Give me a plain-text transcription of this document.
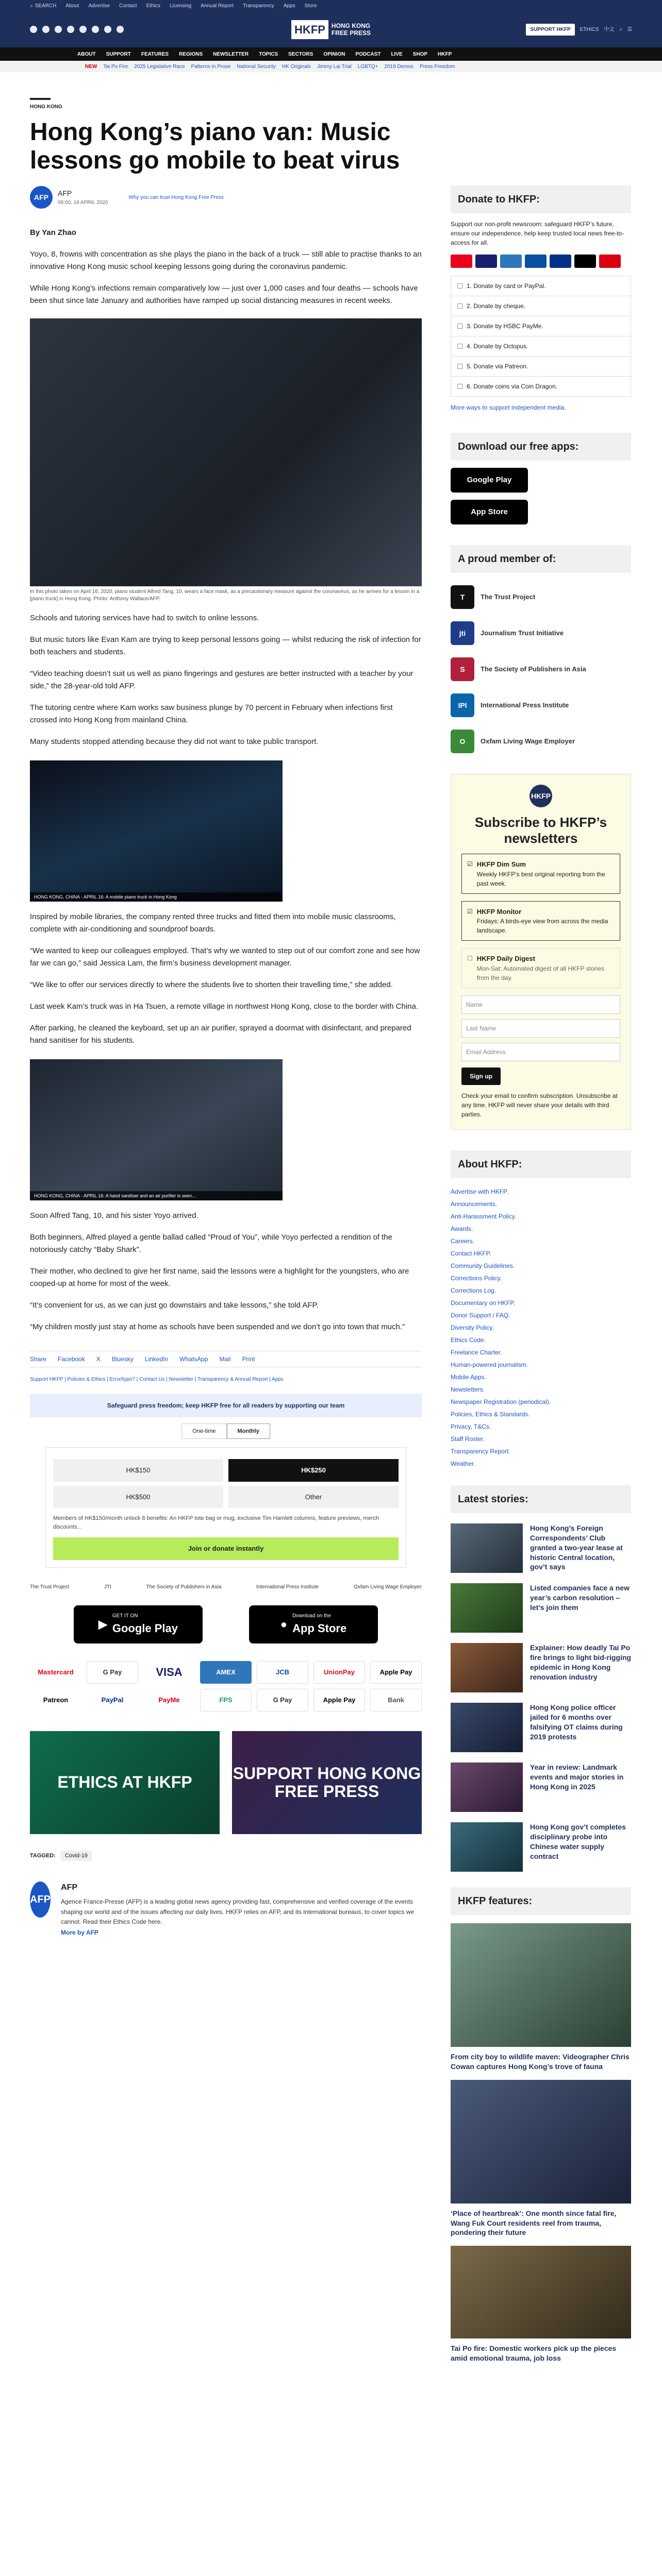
⌕ SEARCH About Advertise Contact Ethics Licensing Annual Report Transparency Apps Store
HKFP	HONG KONG
FREE PRESS	SUPPORT HKFP	ETHICS 中文 ⌕ ☰
ABOUT SUPPORT FEATURES REGIONS NEWSLETTER TOPICS SECTORS OPINION PODCAST LIVE SHOP HKFP
NEW Tai Po Fire 2025 Legislative Race Patterns in Prose National Security HK Originals Jimmy Lai Trial LGBTQ+ 2019 Demos Press Freedom
HONG KONG
Hong Kong’s piano van: Music lessons go mobile to beat virus
AFP	AFP
09:00, 19 APRIL 2020
Why you can trust Hong Kong Free Press
By Yan Zhao

Yoyo, 8, frowns with concentration as she plays the piano in the back of a truck — still able to practise thanks to an innovative Hong Kong music school keeping lessons going during the coronavirus pandemic.

While Hong Kong’s infections remain comparatively low — just over 1,000 cases and four deaths — schools have been shut since late January and authorities have ramped up social distancing measures in recent weeks.

In this photo taken on April 16, 2020, piano student Alfred Tang, 10, wears a face mask, as a precautionary measure against the coronavirus, as he arrives for a lesson in a [piano truck] in Hong Kong. Photo: Anthony Wallace/AFP.

Schools and tutoring services have had to switch to online lessons.

But music tutors like Evan Kam are trying to keep personal lessons going — whilst reducing the risk of infection for both teachers and students.

“Video teaching doesn’t suit us well as piano fingerings and gestures are better instructed with a teacher by your side,” the 28-year-old told AFP.

The tutoring centre where Kam works saw business plunge by 70 percent in February when infections first crossed into Hong Kong from mainland China.

Many students stopped attending because they did not want to take public transport.

HONG KONG, CHINA - APRIL 16: A mobile piano truck in Hong Kong

Inspired by mobile libraries, the company rented three trucks and fitted them into mobile music classrooms, complete with air-conditioning and soundproof boards.

“We wanted to keep our colleagues employed. That’s why we wanted to step out of our comfort zone and see how far we can go,” said Jessica Lam, the firm’s business development manager.

“We like to offer our services directly to where the students live to shorten their travelling time,” she added.

Last week Kam’s truck was in Ha Tsuen, a remote village in northwest Hong Kong, close to the border with China.

After parking, he cleaned the keyboard, set up an air purifier, sprayed a doormat with disinfectant, and prepared hand sanitiser for his students.

HONG KONG, CHINA - APRIL 16: A hand sanitiser and an air purifier is seen...

Soon Alfred Tang, 10, and his sister Yoyo arrived.

Both beginners, Alfred played a gentle ballad called “Proud of You”, while Yoyo perfected a rendition of the notoriously catchy “Baby Shark”.

Their mother, who declined to give her first name, said the lessons were a highlight for the youngsters, who are cooped-up at home for most of the week.

“It’s convenient for us, as we can just go downstairs and take lessons,” she told AFP.

“My children mostly just stay at home as schools have been suspended and we don’t go into town that much.”

Share Facebook X Bluesky LinkedIn WhatsApp Mail Print
Support HKFP | Policies & Ethics | Error/typo? | Contact Us | Newsletter | Transparency & Annual Report | Apps
Safeguard press freedom; keep HKFP free for all readers by supporting our team
One-time	Monthly
HK$150	HK$250
HK$500	Other
Members of HK$150/month unlock 8 benefits: An HKFP tote bag or mug, exclusive Tim Hamlett columns, feature previews, merch discounts...
Join or donate instantly
The Trust Project	JTI	The Society of Publishers in Asia	International Press Institute	Oxfam Living Wage Employer
▶
GET IT ON
Google Play	●
Download on the
App Store
Mastercard	G Pay	VISA	AMEX	JCB	UnionPay	Apple Pay
Patreon	PayPal	PayMe	FPS	G Pay	Apple Pay	Bank
ETHICS AT HKFP	SUPPORT HONG KONG FREE PRESS
TAGGED:	Covid-19
AFP
AFP

Agence France-Presse (AFP) is a leading global news agency providing fast, comprehensive and verified coverage of the events shaping our world and of the issues affecting our daily lives. HKFP relies on AFP, and its international bureaus, to cover topics we cannot. Read their Ethics Code here.

More by AFP
Donate to HKFP:
Support our non-profit newsroom: safeguard HKFP’s future, ensure our independence, help keep trusted local news free-to-access for all.
1. Donate by card or PayPal.
2. Donate by cheque.
3. Donate by HSBC PayMe.
4. Donate by Octopus.
5. Donate via Patreon.
6. Donate coins via Coin Dragon.
More ways to support independent media.
Download our free apps:
Google Play
App Store
A proud member of:
T	The Trust Project
jti	Journalism Trust Initiative
S	The Society of Publishers in Asia
IPI	International Press Institute
O	Oxfam Living Wage Employer
HKFP
Subscribe to HKFP’s newsletters
☑ HKFP Dim Sum
Weekly HKFP’s best original reporting from the past week.
☑ HKFP Monitor
Fridays: A birds-eye view from across the media landscape.
☐ HKFP Daily Digest
Mon-Sat: Automated digest of all HKFP stories from the day.
Name
Last Name
Email Address
Sign up
Check your email to confirm subscription. Unsubscribe at any time. HKFP will never share your details with third parties.
About HKFP:
Advertise with HKFP.
Announcements.
Anti-Harassment Policy.
Awards.
Careers.
Contact HKFP.
Community Guidelines.
Corrections Policy.
Corrections Log.
Documentary on HKFP.
Donor Support / FAQ.
Diversity Policy.
Ethics Code.
Freelance Charter.
Human-powered journalism.
Mobile Apps.
Newsletters.
Newspaper Registration (periodical).
Policies, Ethics & Standards.
Privacy, T&Cs.
Staff Roster.
Transparency Report.
Weather.
Latest stories:
Hong Kong’s Foreign Correspondents’ Club granted a two-year lease at historic Central location, gov’t says
Listed companies face a new year’s carbon resolution – let’s join them
Explainer: How deadly Tai Po fire brings to light bid-rigging epidemic in Hong Kong renovation industry
Hong Kong police officer jailed for 6 months over falsifying OT claims during 2019 protests
Year in review: Landmark events and major stories in Hong Kong in 2025
Hong Kong gov’t completes disciplinary probe into Chinese water supply contract
HKFP features:
From city boy to wildlife maven: Videographer Chris Cowan captures Hong Kong’s trove of fauna
‘Place of heartbreak’: One month since fatal fire, Wang Fuk Court residents reel from trauma, pondering their future
Tai Po fire: Domestic workers pick up the pieces amid emotional trauma, job loss
